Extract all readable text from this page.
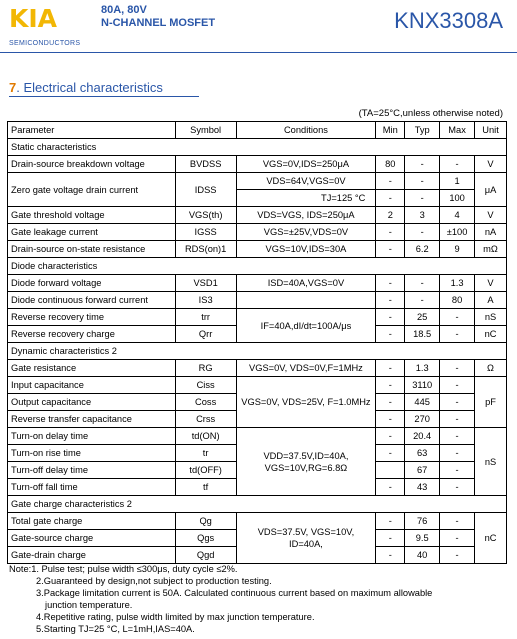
KIA
SEMICONDUCTORS
80A, 80V
N-CHANNEL MOSFET	KNX3308A
7. Electrical characteristics
(TA=25°C,unless otherwise noted)
Parameter	Symbol	Conditions	Min	Typ	Max	Unit
Static characteristics						
Drain-source breakdown voltage	BVDSS	VGS=0V,IDS=250μA	80	-	-	V
Zero gate voltage drain current	IDSS	VDS=64V,VGS=0V	-	-	1	μA
		TJ=125 °C	-	-	100	
Gate threshold voltage	VGS(th)	VDS=VGS, IDS=250μA	2	3	4	V
Gate leakage current	IGSS	VGS=±25V,VDS=0V	-	-	±100	nA
Drain-source on-state resistance	RDS(on)1	VGS=10V,IDS=30A	-	6.2	9	mΩ
Diode characteristics						
Diode forward voltage	VSD1	ISD=40A,VGS=0V	-	-	1.3	V
Diode continuous forward current	IS3		-	-	80	A
Reverse recovery time	trr	IF=40A,dI/dt=100A/μs	-	25	-	nS
Reverse recovery charge	Qrr		-	18.5	-	nC
Dynamic characteristics 2						
Gate resistance	RG	VGS=0V, VDS=0V,F=1MHz	-	1.3	-	Ω
Input capacitance	Ciss	VGS=0V, VDS=25V, F=1.0MHz	-	3110	-	pF
Output capacitance	Coss		-	445	-	
Reverse transfer capacitance	Crss		-	270	-	
Turn-on delay time	td(ON)	VDD=37.5V,ID=40A, VGS=10V,RG=6.8Ω	-	20.4	-	nS
Turn-on rise time	tr		-	63	-	
Turn-off delay time	td(OFF)			67	-	
Turn-off fall time	tf		-	43	-	
Gate charge characteristics 2						
Total gate charge	Qg	VDS=37.5V, VGS=10V, ID=40A,	-	76	-	nC
Gate-source charge	Qgs		-	9.5	-	
Gate-drain charge	Qgd		-	40	-	
Note:1. Pulse test; pulse width ≤300μs, duty cycle ≤2%.
2.Guaranteed by design,not subject to production testing.
3.Package limitation current is 50A. Calculated continuous current based on maximum allowable
junction temperature.
4.Repetitive rating, pulse width limited by max junction temperature.
5.Starting TJ=25 °C, L=1mH,IAS=40A.
